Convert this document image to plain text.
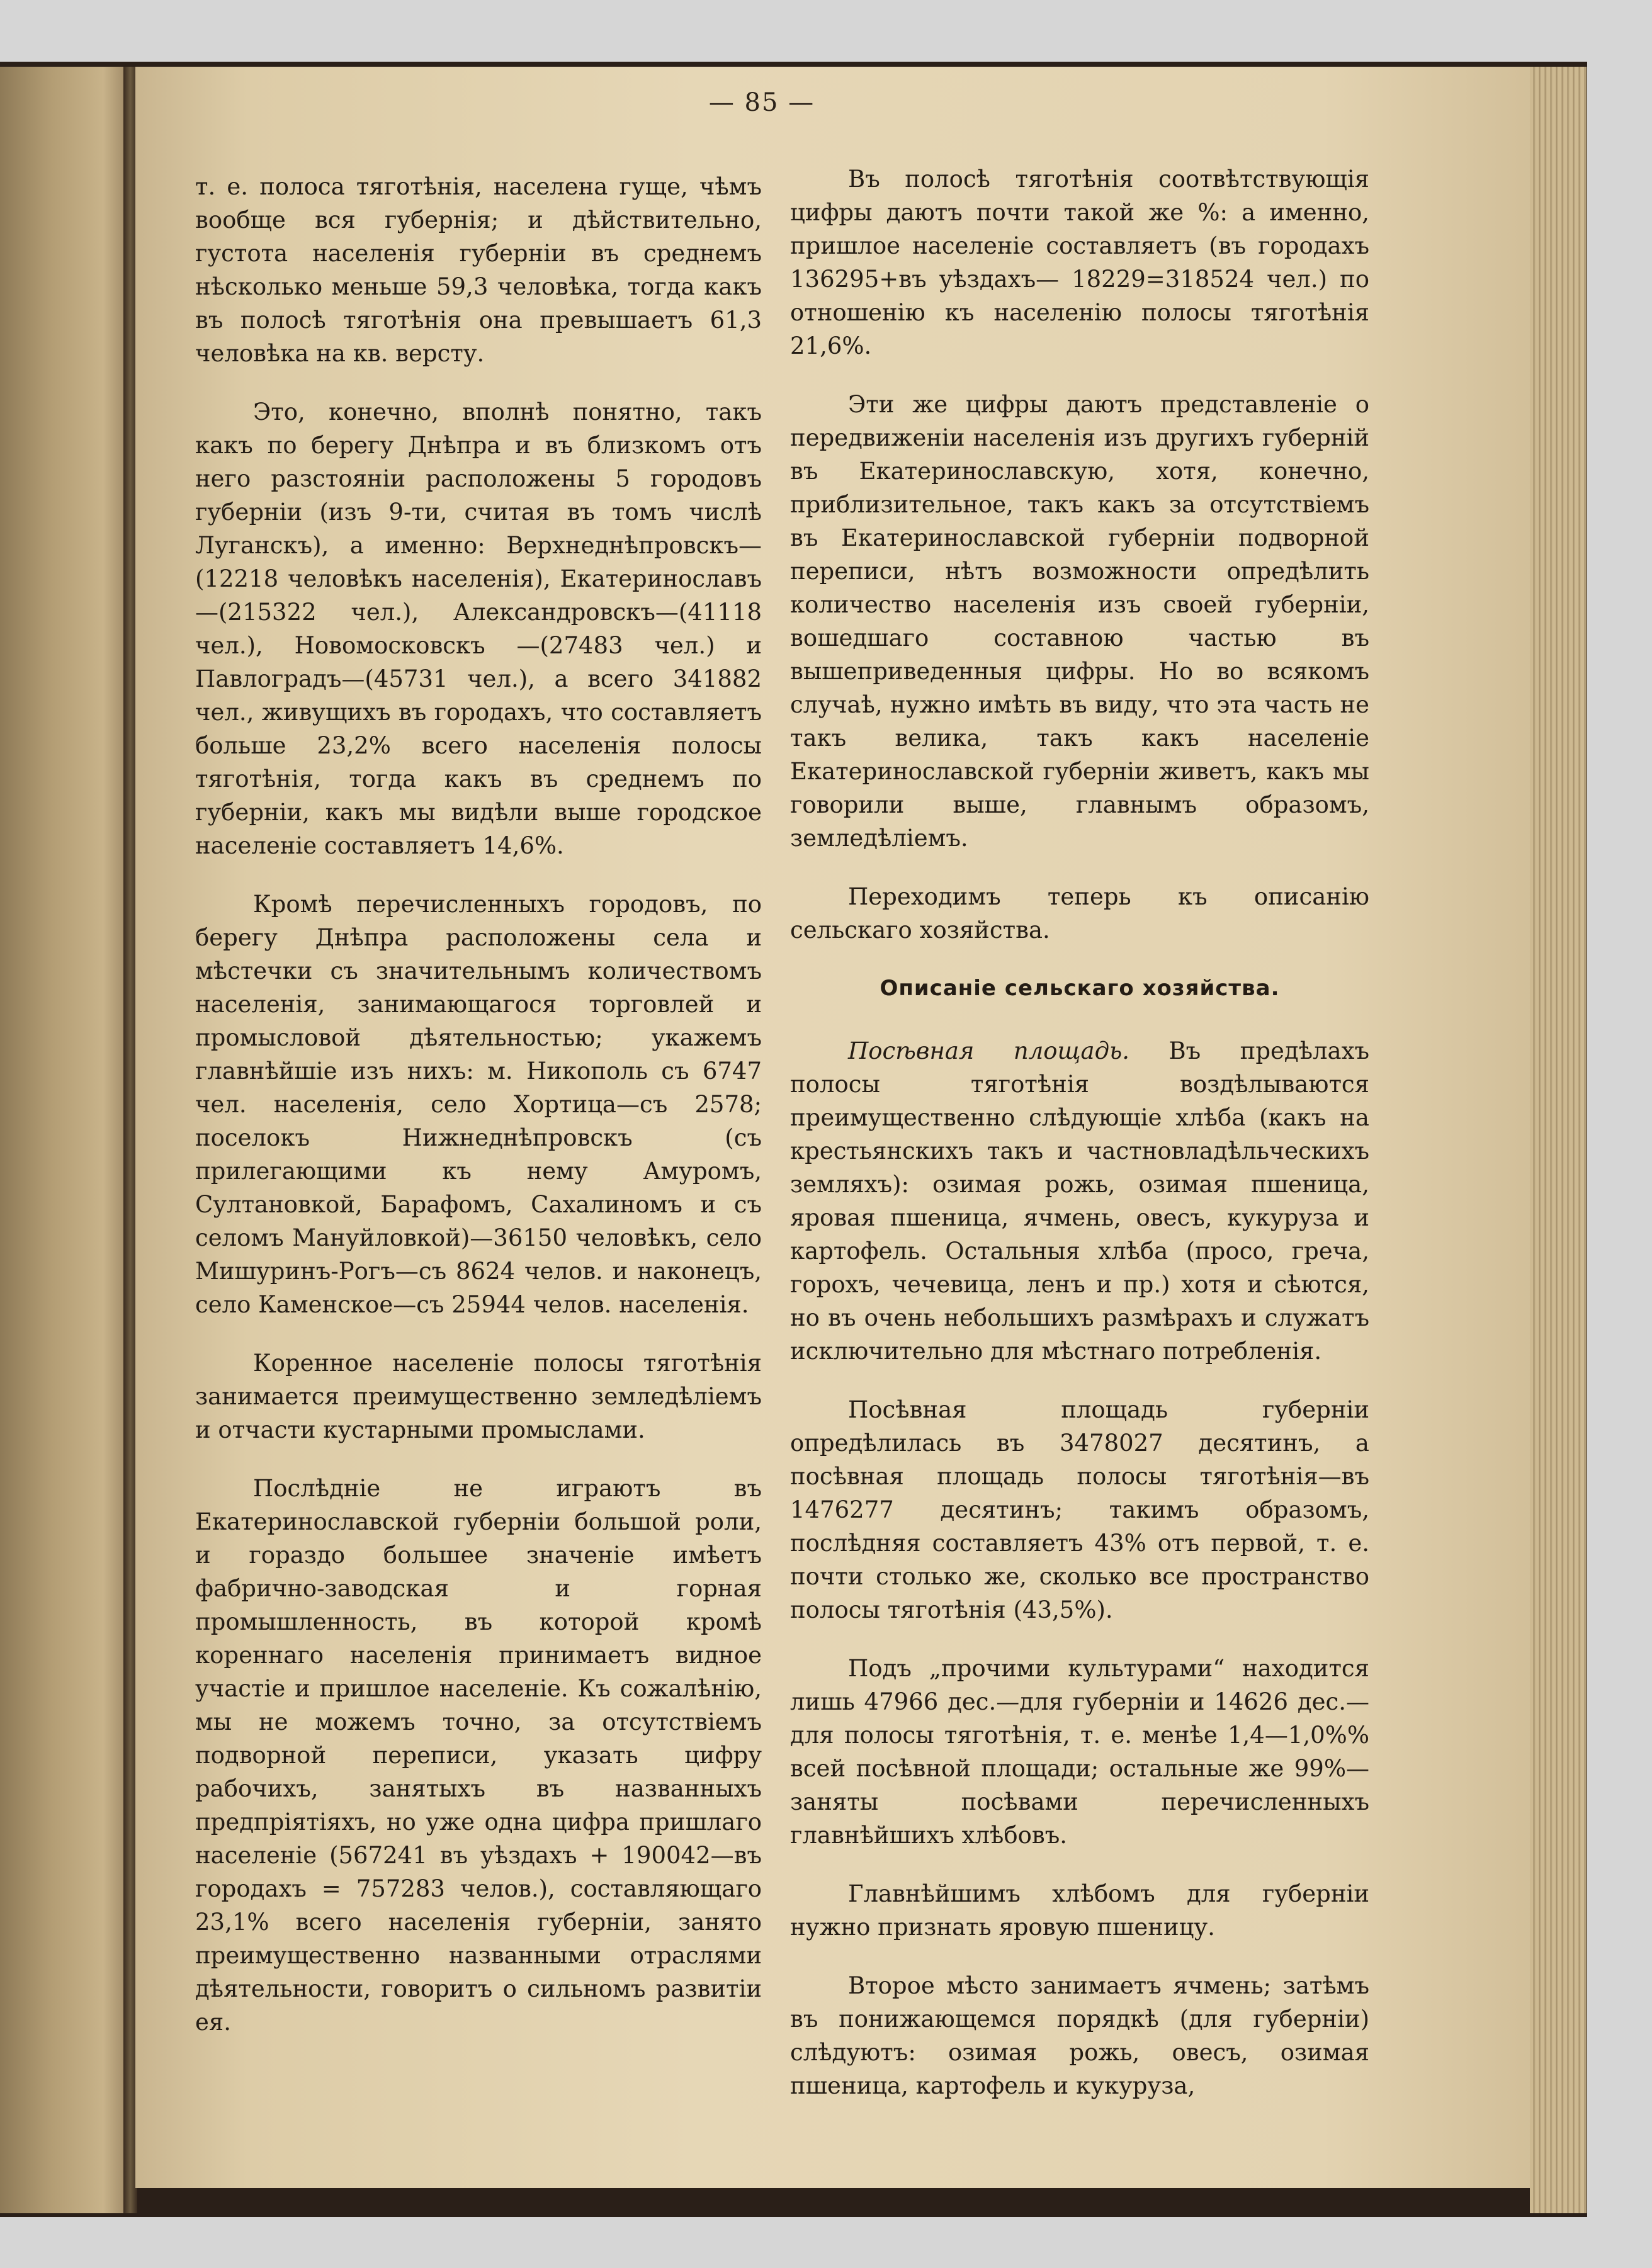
— 85 —

т. е. полоса тяготѣнія, населена гуще, чѣмъ вообще вся губернія; и дѣйствительно, густота населенія губерніи въ среднемъ нѣсколько меньше 59,3 человѣка, тогда какъ въ полосѣ тяготѣнія она превышаетъ 61,3 человѣка на кв. версту.

Это, конечно, вполнѣ понятно, такъ какъ по берегу Днѣпра и въ близкомъ отъ него разстояніи расположены 5 городовъ губерніи (изъ 9-ти, считая въ томъ числѣ Луганскъ), а именно: Верхнеднѣпровскъ—(12218 человѣкъ населенія), Екатеринославъ—(215322 чел.), Александровскъ—(41118 чел.), Новомосковскъ —(27483 чел.) и Павлоградъ—(45731 чел.), а всего 341882 чел., живущихъ въ городахъ, что составляетъ больше 23,2% всего населенія полосы тяготѣнія, тогда какъ въ среднемъ по губерніи, какъ мы видѣли выше городское населеніе составляетъ 14,6%.

Кромѣ перечисленныхъ городовъ, по берегу Днѣпра расположены села и мѣстечки съ значительнымъ количествомъ населенія, занимающагося торговлей и промысловой дѣятельностью; укажемъ главнѣйшіе изъ нихъ: м. Никополь съ 6747 чел. населенія, село Хортица—съ 2578; поселокъ Нижнеднѣпровскъ (съ прилегающими къ нему Амуромъ, Султановкой, Барафомъ, Сахалиномъ и съ селомъ Мануйловкой)—36150 человѣкъ, село Мишуринъ-Рогъ—съ 8624 челов. и наконецъ, село Каменское—съ 25944 челов. населенія.

Коренное населеніе полосы тяготѣнія занимается преимущественно земледѣліемъ и отчасти кустарными промыслами.

Послѣдніе не играютъ въ Екатеринославской губерніи большой роли, и гораздо большее значеніе имѣетъ фабрично-заводская и горная промышленность, въ которой кромѣ кореннаго населенія принимаетъ видное участіе и пришлое населеніе. Къ сожалѣнію, мы не можемъ точно, за отсутствіемъ подворной переписи, указать цифру рабочихъ, занятыхъ въ названныхъ предпріятіяхъ, но уже одна цифра пришлаго населеніе (567241 въ уѣздахъ + 190042—въ городахъ = 757283 челов.), составляющаго 23,1% всего населенія губерніи, занято преимущественно названными отраслями дѣятельности, говоритъ о сильномъ развитіи ея.

Въ полосѣ тяготѣнія соотвѣтствующія цифры даютъ почти такой же %: а именно, пришлое населеніе составляетъ (въ городахъ 136295+въ уѣздахъ— 18229=318524 чел.) по отношенію къ населенію полосы тяготѣнія 21,6%.

Эти же цифры даютъ представленіе о передвиженіи населенія изъ другихъ губерній въ Екатеринославскую, хотя, конечно, приблизительное, такъ какъ за отсутствіемъ въ Екатеринославской губерніи подворной переписи, нѣтъ возможности опредѣлить количество населенія изъ своей губерніи, вошедшаго составною частью въ вышеприведенныя цифры. Но во всякомъ случаѣ, нужно имѣть въ виду, что эта часть не такъ велика, такъ какъ населеніе Екатеринославской губерніи живетъ, какъ мы говорили выше, главнымъ образомъ, земледѣліемъ.

Переходимъ теперь къ описанію сельскаго хозяйства.

Описаніе сельскаго хозяйства.

Посѣвная площадь. Въ предѣлахъ полосы тяготѣнія воздѣлываются преимущественно слѣдующіе хлѣба (какъ на крестьянскихъ такъ и частновладѣльческихъ земляхъ): озимая рожь, озимая пшеница, яровая пшеница, ячмень, овесъ, кукуруза и картофель. Остальныя хлѣба (просо, греча, горохъ, чечевица, ленъ и пр.) хотя и сѣются, но въ очень небольшихъ размѣрахъ и служатъ исключительно для мѣстнаго потребленія.

Посѣвная площадь губерніи опредѣлилась въ 3478027 десятинъ, а посѣвная площадь полосы тяготѣнія—въ 1476277 десятинъ; такимъ образомъ, послѣдняя составляетъ 43% отъ первой, т. е. почти столько же, сколько все пространство полосы тяготѣнія (43,5%).

Подъ „прочими культурами“ находится лишь 47966 дес.—для губерніи и 14626 дес.—для полосы тяготѣнія, т. е. менѣе 1,4—1,0%% всей посѣвной площади; остальные же 99%—заняты посѣвами перечисленныхъ главнѣйшихъ хлѣбовъ.

Главнѣйшимъ хлѣбомъ для губерніи нужно признать яровую пшеницу.

Второе мѣсто занимаетъ ячмень; затѣмъ въ понижающемся порядкѣ (для губерніи) слѣдуютъ: озимая рожь, овесъ, озимая пшеница, картофель и кукуруза,
